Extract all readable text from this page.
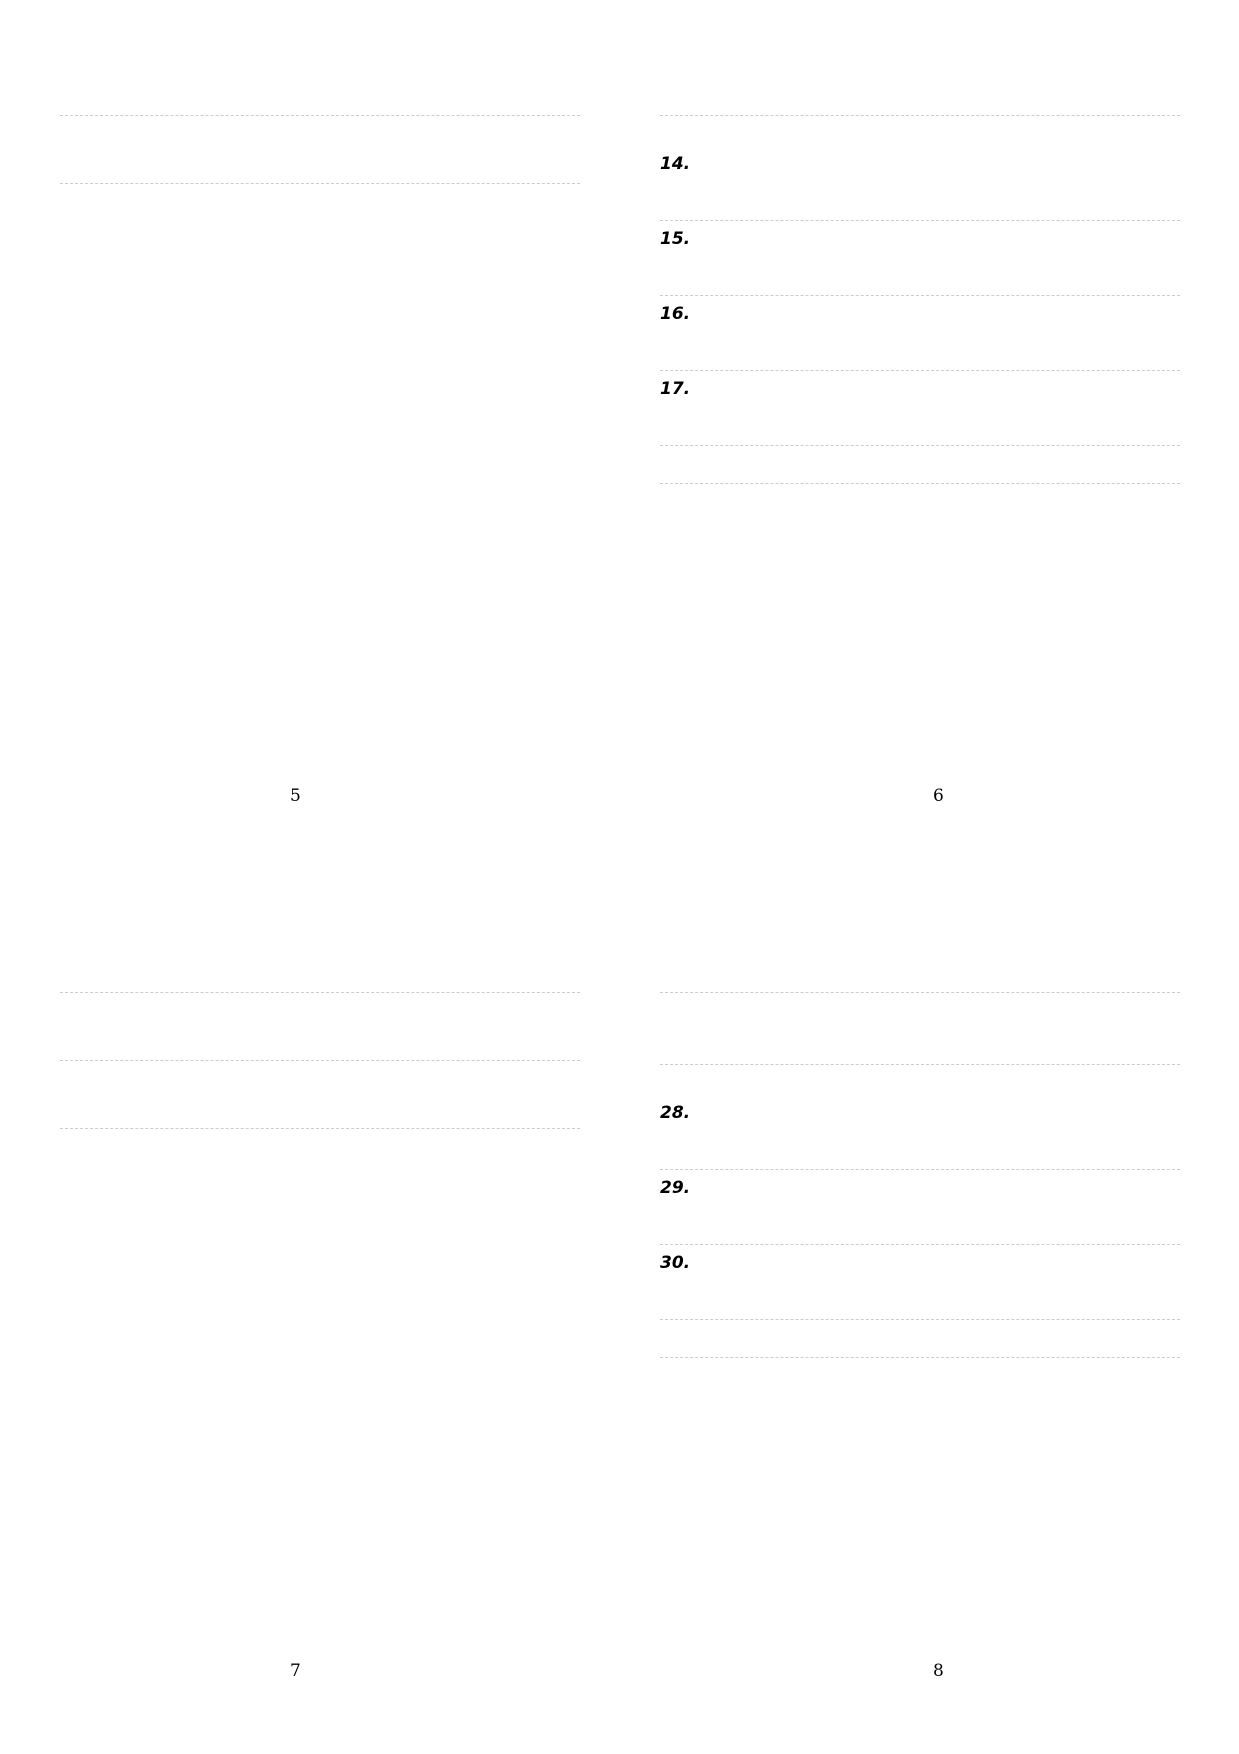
5

14.

15.

16.

17.

6

7

28.

29.

30.

8
